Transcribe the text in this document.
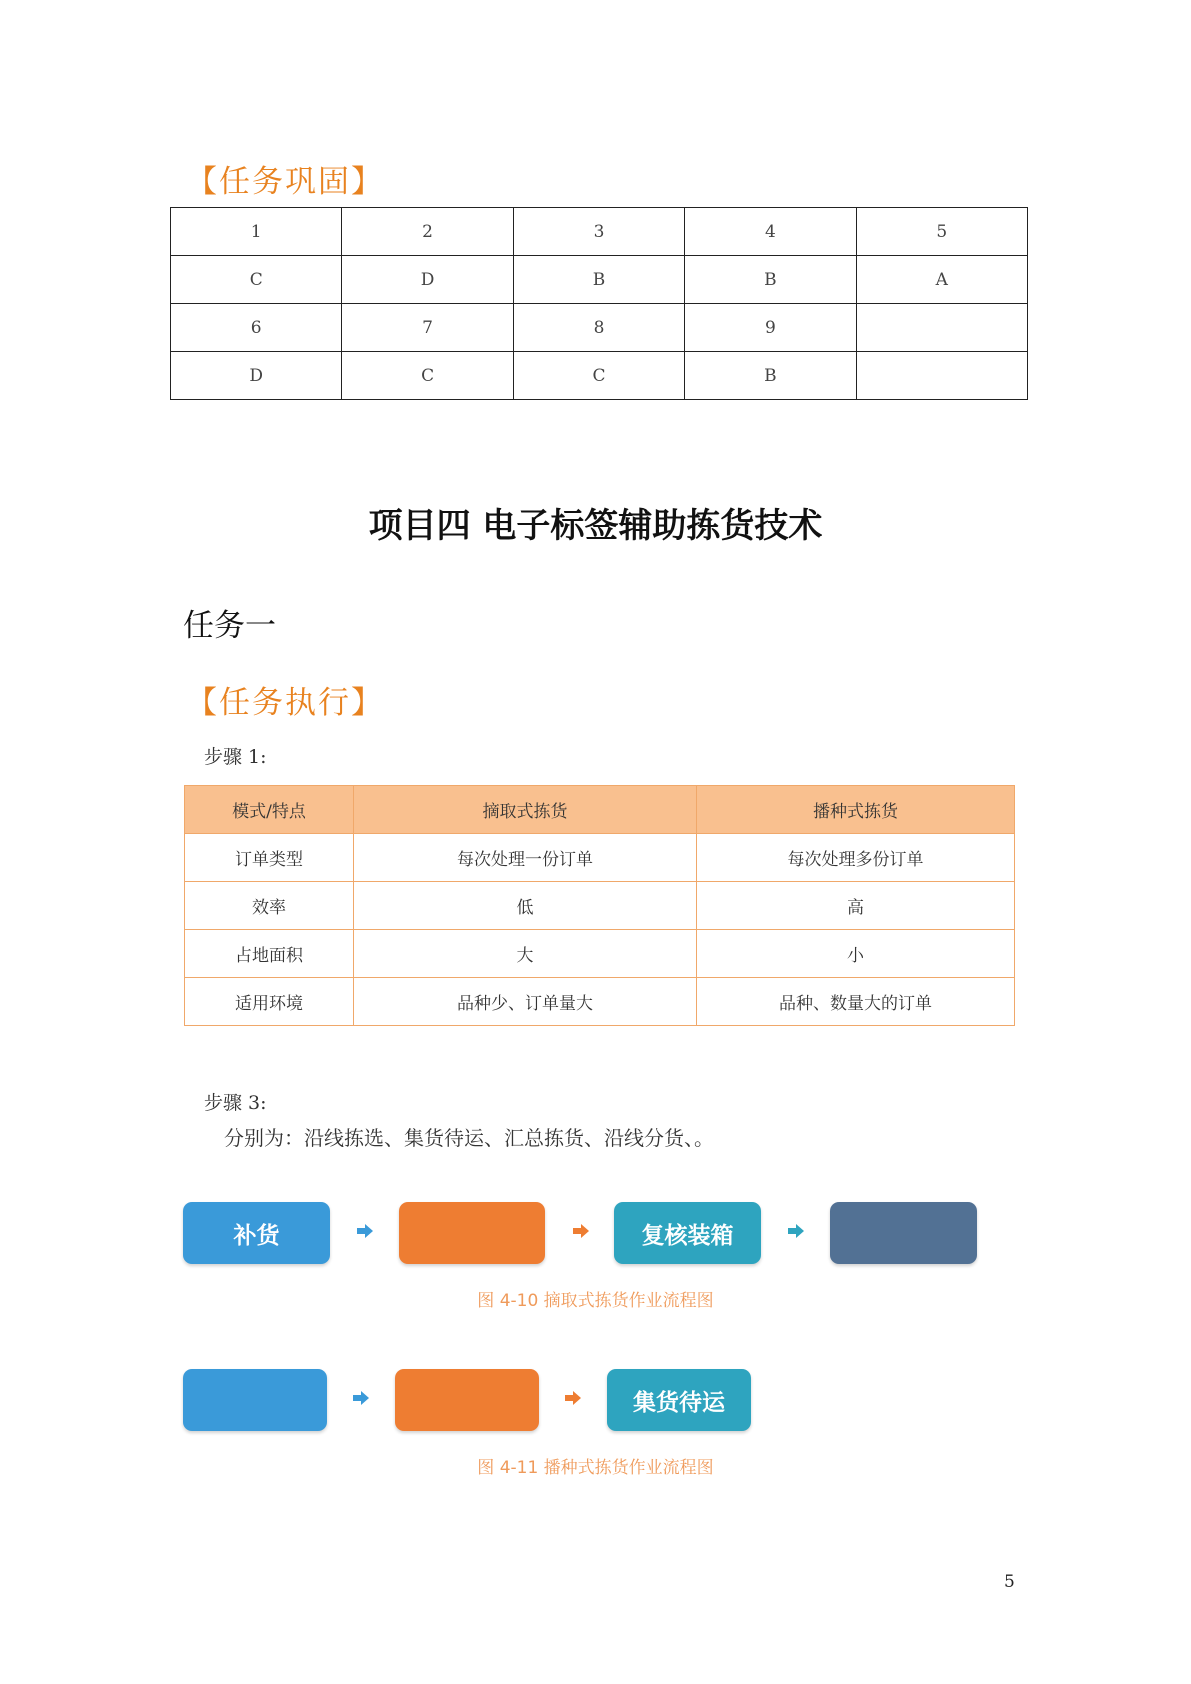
【任务巩固】
1	2	3	4	5
C	D	B	B	A
6	7	8	9	
D	C	C	B	
项目四 电子标签辅助拣货技术
任务一
【任务执行】
步骤 1:
模式/特点	摘取式拣货	播种式拣货
订单类型	每次处理一份订单	每次处理多份订单
效率	低	高
占地面积	大	小
适用环境	品种少、订单量大	品种、数量大的订单
步骤 3:
分别为：沿线拣选、集货待运、汇总拣货、沿线分货、。
补货	复核装箱
图 4-10 摘取式拣货作业流程图
集货待运
图 4-11 播种式拣货作业流程图
5
